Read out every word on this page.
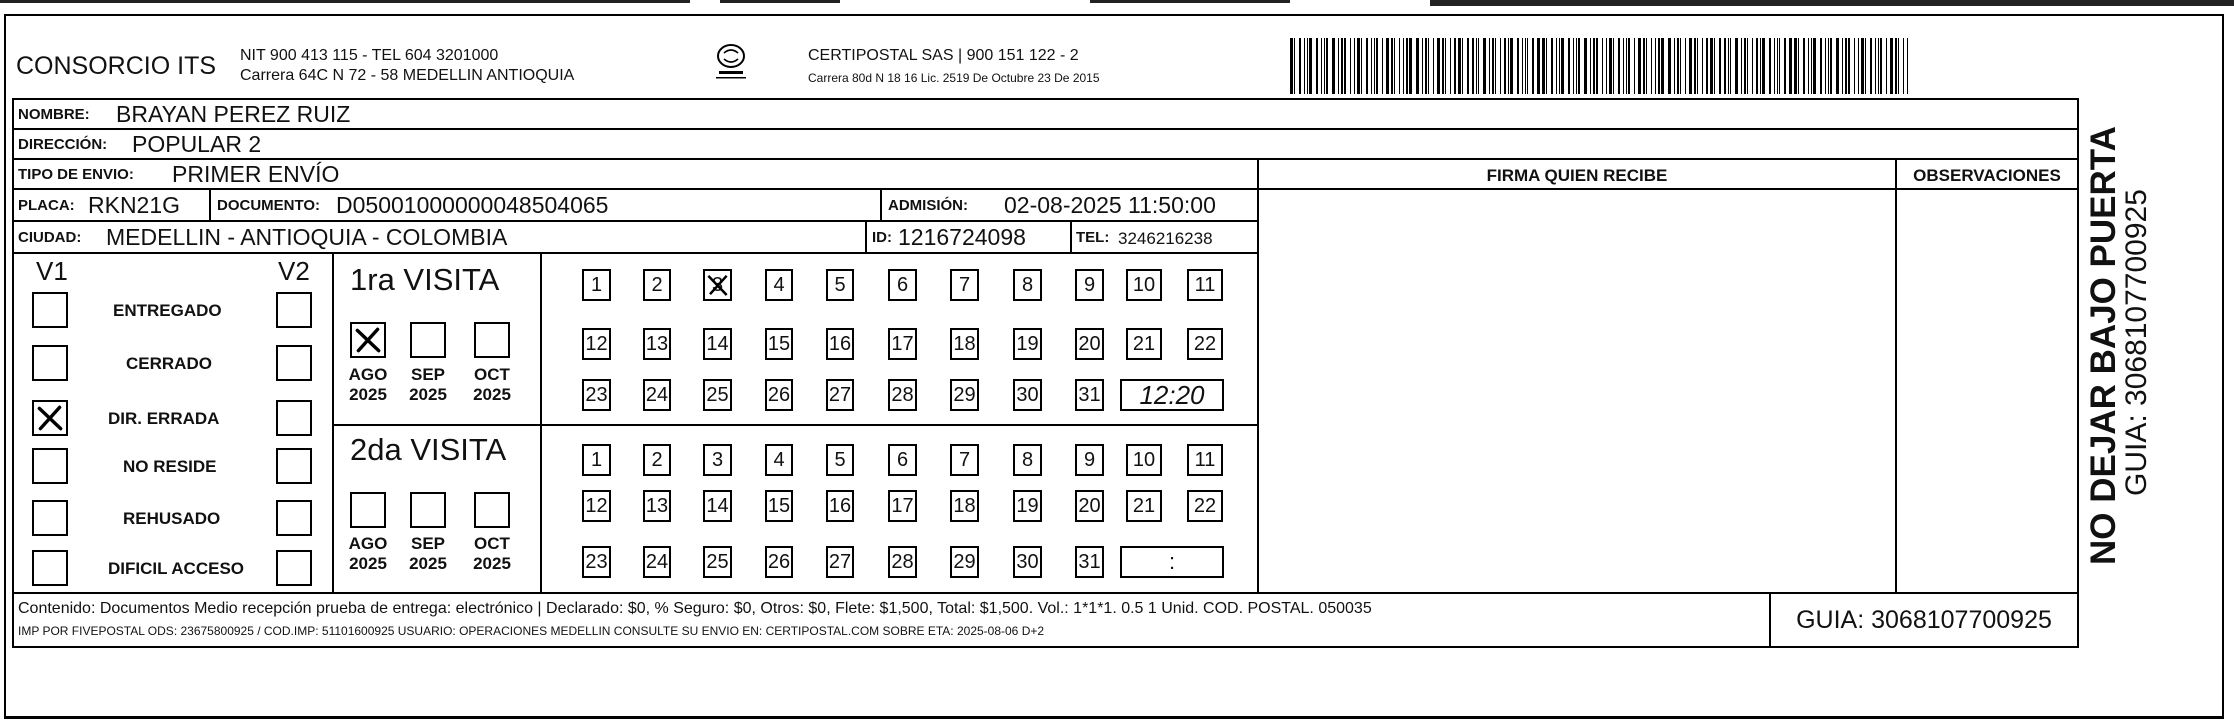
CONSORCIO ITS NIT 900 413 115 - TEL 604 3201000
Carrera 64C N 72 - 58 MEDELLIN ANTIOQUIA
CERTIPOSTAL SAS | 900 151 122 - 2
Carrera 80d N 18 16 Lic. 2519 De Octubre 23 De 2015
NOMBRE: BRAYAN PEREZ RUIZ
DIRECCIÓN: POPULAR 2
TIPO DE ENVIO: PRIMER ENVÍO	FIRMA QUIEN RECIBE	OBSERVACIONES
PLACA: RKN21G DOCUMENTO: D05001000000048504065	ADMISIÓN: 02-08-2025 11:50:00
CIUDAD: MEDELLIN - ANTIOQUIA - COLOMBIA	ID: 1216724098	TEL: 3246216238
V1	V2
ENTREGADO
CERRADO
DIR. ERRADA
NO RESIDE
REHUSADO
DIFICIL ACCESO
1ra VISITA
2da VISITA
AGO
2025
SEP
2025
OCT
2025
AGO
2025
SEP
2025
OCT
2025
1	2	3	4	5	6	7	8	9	10	11
12 13 14 15 16 17 18 19 20	21	22
23 24 25 26 27 28 29 30 31	12:20
1	2	3	4	5	6	7	8	9	10	11
12 13 14 15 16 17 18 19 20	21	22
23 24 25 26 27 28 29 30 31	:
Contenido: Documentos Medio recepción prueba de entrega: electrónico | Declarado: $0, % Seguro: $0, Otros: $0, Flete: $1,500, Total: $1,500. Vol.: 1*1*1. 0.5 1 Unid. COD. POSTAL. 050035
IMP POR FIVEPOSTAL ODS: 23675800925 / COD.IMP: 51101600925 USUARIO: OPERACIONES MEDELLIN CONSULTE SU ENVIO EN: CERTIPOSTAL.COM SOBRE ETA: 2025-08-06 D+2	GUIA: 3068107700925
NO DEJAR BAJO PUERTA
GUIA: 3068107700925
